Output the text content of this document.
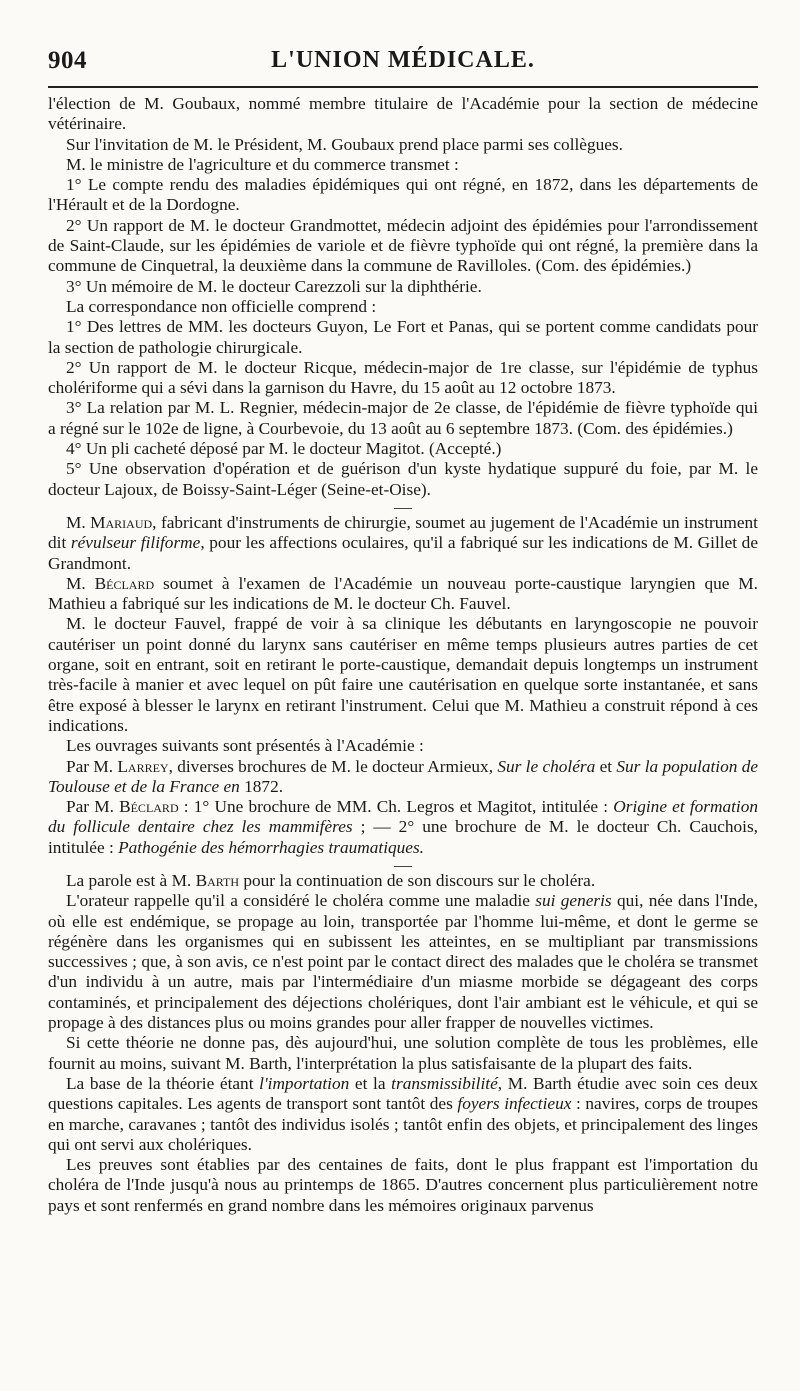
904	L'UNION MÉDICALE.

l'élection de M. Goubaux, nommé membre titulaire de l'Académie pour la section de médecine vétérinaire.

Sur l'invitation de M. le Président, M. Goubaux prend place parmi ses collègues.

M. le ministre de l'agriculture et du commerce transmet :

1° Le compte rendu des maladies épidémiques qui ont régné, en 1872, dans les départements de l'Hérault et de la Dordogne.

2° Un rapport de M. le docteur Grandmottet, médecin adjoint des épidémies pour l'arrondissement de Saint-Claude, sur les épidémies de variole et de fièvre typhoïde qui ont régné, la première dans la commune de Cinquetral, la deuxième dans la commune de Ravilloles. (Com. des épidémies.)

3° Un mémoire de M. le docteur Carezzoli sur la diphthérie.

La correspondance non officielle comprend :

1° Des lettres de MM. les docteurs Guyon, Le Fort et Panas, qui se portent comme candidats pour la section de pathologie chirurgicale.

2° Un rapport de M. le docteur Ricque, médecin-major de 1re classe, sur l'épidémie de typhus cholériforme qui a sévi dans la garnison du Havre, du 15 août au 12 octobre 1873.

3° La relation par M. L. Regnier, médecin-major de 2e classe, de l'épidémie de fièvre typhoïde qui a régné sur le 102e de ligne, à Courbevoie, du 13 août au 6 septembre 1873. (Com. des épidémies.)

4° Un pli cacheté déposé par M. le docteur Magitot. (Accepté.)

5° Une observation d'opération et de guérison d'un kyste hydatique suppuré du foie, par M. le docteur Lajoux, de Boissy-Saint-Léger (Seine-et-Oise).

M. Mariaud, fabricant d'instruments de chirurgie, soumet au jugement de l'Académie un instrument dit révulseur filiforme, pour les affections oculaires, qu'il a fabriqué sur les indications de M. Gillet de Grandmont.

M. Béclard soumet à l'examen de l'Académie un nouveau porte-caustique laryngien que M. Mathieu a fabriqué sur les indications de M. le docteur Ch. Fauvel.

M. le docteur Fauvel, frappé de voir à sa clinique les débutants en laryngoscopie ne pouvoir cautériser un point donné du larynx sans cautériser en même temps plusieurs autres parties de cet organe, soit en entrant, soit en retirant le porte-caustique, demandait depuis longtemps un instrument très-facile à manier et avec lequel on pût faire une cautérisation en quelque sorte instantanée, et sans être exposé à blesser le larynx en retirant l'instrument. Celui que M. Mathieu a construit répond à ces indications.

Les ouvrages suivants sont présentés à l'Académie :

Par M. Larrey, diverses brochures de M. le docteur Armieux, Sur le choléra et Sur la population de Toulouse et de la France en 1872.

Par M. Béclard : 1° Une brochure de MM. Ch. Legros et Magitot, intitulée : Origine et formation du follicule dentaire chez les mammifères ; — 2° une brochure de M. le docteur Ch. Cauchois, intitulée : Pathogénie des hémorrhagies traumatiques.

La parole est à M. Barth pour la continuation de son discours sur le choléra.

L'orateur rappelle qu'il a considéré le choléra comme une maladie sui generis qui, née dans l'Inde, où elle est endémique, se propage au loin, transportée par l'homme lui-même, et dont le germe se régénère dans les organismes qui en subissent les atteintes, en se multipliant par transmissions successives ; que, à son avis, ce n'est point par le contact direct des malades que le choléra se transmet d'un individu à un autre, mais par l'intermédiaire d'un miasme morbide se dégageant des corps contaminés, et principalement des déjections cholériques, dont l'air ambiant est le véhicule, et qui se propage à des distances plus ou moins grandes pour aller frapper de nouvelles victimes.

Si cette théorie ne donne pas, dès aujourd'hui, une solution complète de tous les problèmes, elle fournit au moins, suivant M. Barth, l'interprétation la plus satisfaisante de la plupart des faits.

La base de la théorie étant l'importation et la transmissibilité, M. Barth étudie avec soin ces deux questions capitales. Les agents de transport sont tantôt des foyers infectieux : navires, corps de troupes en marche, caravanes ; tantôt des individus isolés ; tantôt enfin des objets, et principalement des linges qui ont servi aux cholériques.

Les preuves sont établies par des centaines de faits, dont le plus frappant est l'importation du choléra de l'Inde jusqu'à nous au printemps de 1865. D'autres concernent plus particulièrement notre pays et sont renfermés en grand nombre dans les mémoires originaux parvenus
